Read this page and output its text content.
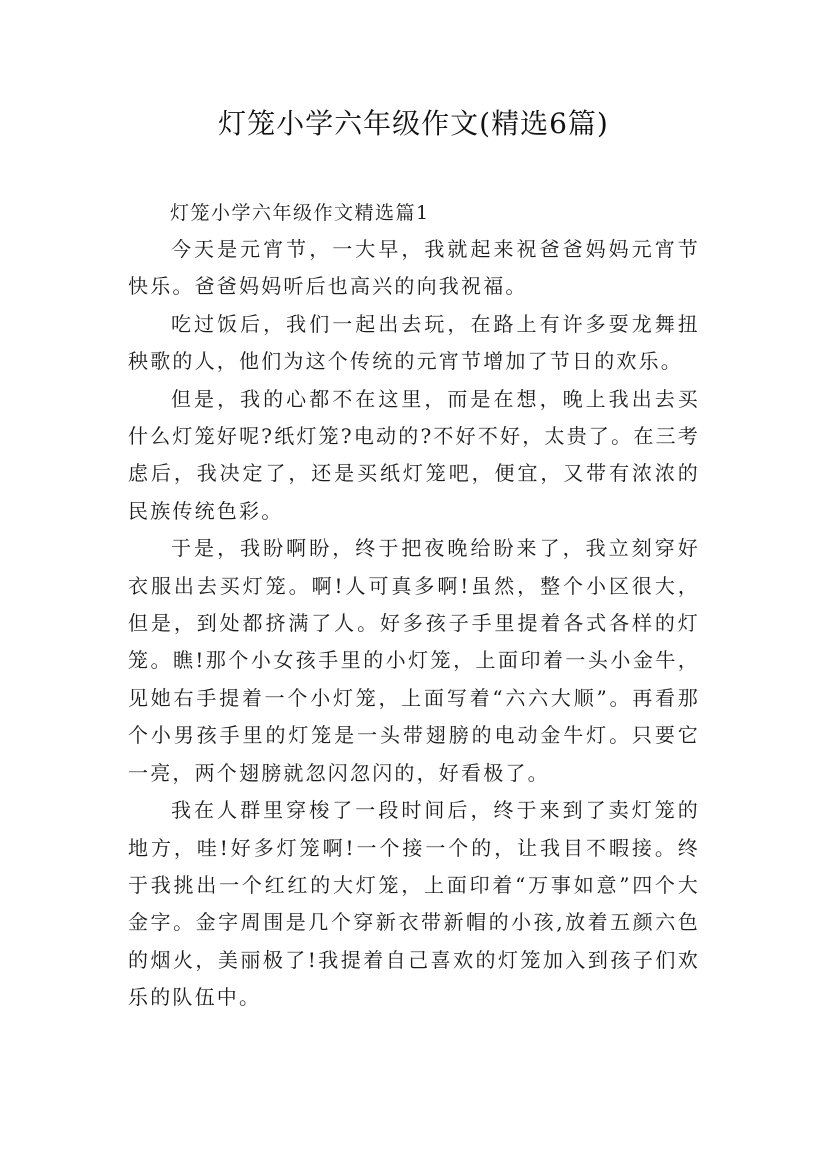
灯笼小学六年级作文(精选6篇)

灯笼小学六年级作文精选篇1

今天是元宵节，一大早，我就起来祝爸爸妈妈元宵节快乐。爸爸妈妈听后也高兴的向我祝福。

吃过饭后，我们一起出去玩，在路上有许多耍龙舞扭秧歌的人，他们为这个传统的元宵节增加了节日的欢乐。

但是，我的心都不在这里，而是在想，晚上我出去买什么灯笼好呢?纸灯笼?电动的?不好不好，太贵了。在三考虑后，我决定了，还是买纸灯笼吧，便宜，又带有浓浓的民族传统色彩。

于是，我盼啊盼，终于把夜晚给盼来了，我立刻穿好衣服出去买灯笼。啊!人可真多啊!虽然，整个小区很大，但是，到处都挤满了人。好多孩子手里提着各式各样的灯笼。瞧!那个小女孩手里的小灯笼，上面印着一头小金牛，见她右手提着一个小灯笼，上面写着“六六大顺”。再看那个小男孩手里的灯笼是一头带翅膀的电动金牛灯。只要它一亮，两个翅膀就忽闪忽闪的，好看极了。

我在人群里穿梭了一段时间后，终于来到了卖灯笼的地方，哇!好多灯笼啊!一个接一个的，让我目不暇接。终于我挑出一个红红的大灯笼，上面印着“万事如意”四个大金字。金字周围是几个穿新衣带新帽的小孩,放着五颜六色的烟火，美丽极了!我提着自己喜欢的灯笼加入到孩子们欢乐的队伍中。
